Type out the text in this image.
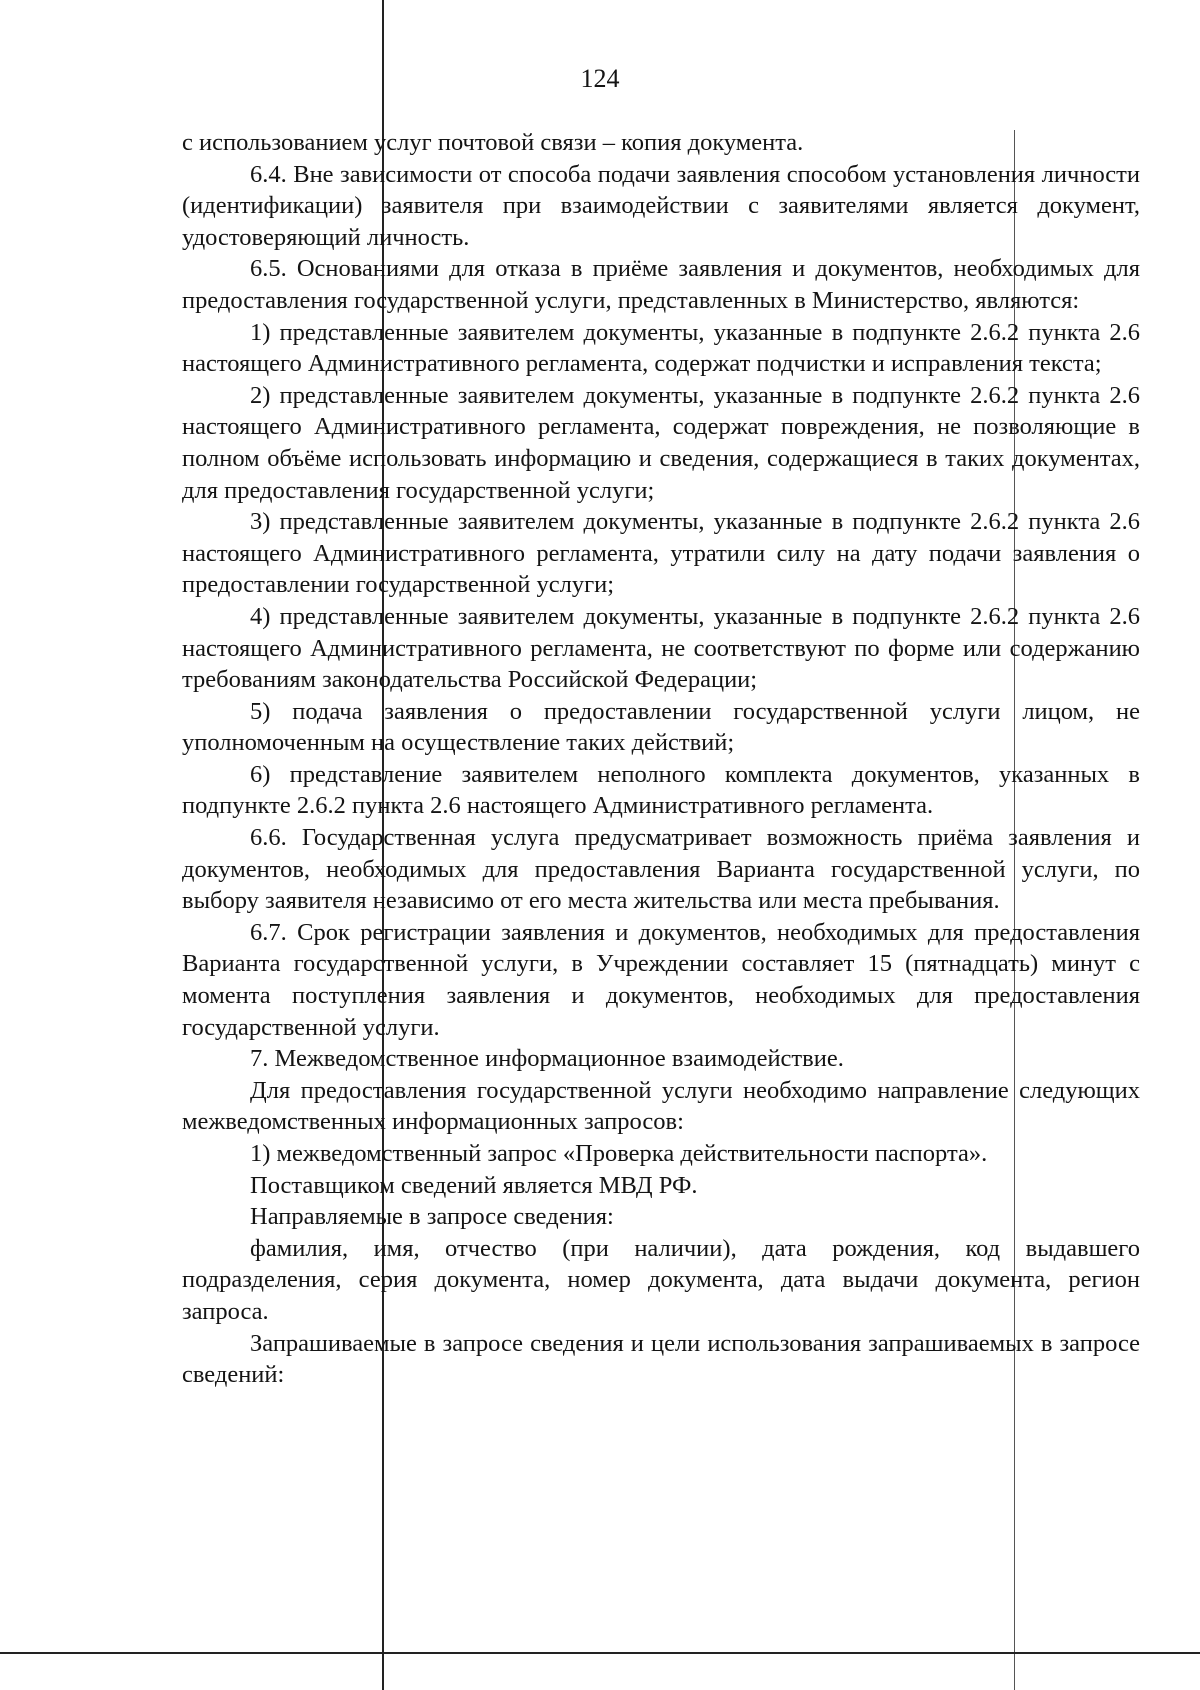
124

с использованием услуг почтовой связи – копия документа.

6.4. Вне зависимости от способа подачи заявления способом установления личности (идентификации) заявителя при взаимодействии с заявителями является документ, удостоверяющий личность.

6.5. Основаниями для отказа в приёме заявления и документов, необходимых для предоставления государственной услуги, представленных в Министерство, являются:

1) представленные заявителем документы, указанные в подпункте 2.6.2 пункта 2.6 настоящего Административного регламента, содержат подчистки и исправления текста;

2) представленные заявителем документы, указанные в подпункте 2.6.2 пункта 2.6 настоящего Административного регламента, содержат повреждения, не позволяющие в полном объёме использовать информацию и сведения, содержащиеся в таких документах, для предоставления государственной услуги;

3) представленные заявителем документы, указанные в подпункте 2.6.2 пункта 2.6 настоящего Административного регламента, утратили силу на дату подачи заявления о предоставлении государственной услуги;

4) представленные заявителем документы, указанные в подпункте 2.6.2 пункта 2.6 настоящего Административного регламента, не соответствуют по форме или содержанию требованиям законодательства Российской Федерации;

5) подача заявления о предоставлении государственной услуги лицом, не уполномоченным на осуществление таких действий;

6) представление заявителем неполного комплекта документов, указанных в подпункте 2.6.2 пункта 2.6 настоящего Административного регламента.

6.6. Государственная услуга предусматривает возможность приёма заявления и документов, необходимых для предоставления Варианта государственной услуги, по выбору заявителя независимо от его места жительства или места пребывания.

6.7. Срок регистрации заявления и документов, необходимых для предоставления Варианта государственной услуги, в Учреждении составляет 15 (пятнадцать) минут с момента поступления заявления и документов, необходимых для предоставления государственной услуги.

7. Межведомственное информационное взаимодействие.

Для предоставления государственной услуги необходимо направление следующих межведомственных информационных запросов:

1) межведомственный запрос «Проверка действительности паспорта».

Поставщиком сведений является МВД РФ.

Направляемые в запросе сведения:

фамилия, имя, отчество (при наличии), дата рождения, код выдавшего подразделения, серия документа, номер документа, дата выдачи документа, регион запроса.

Запрашиваемые в запросе сведения и цели использования запрашиваемых в запросе сведений:
